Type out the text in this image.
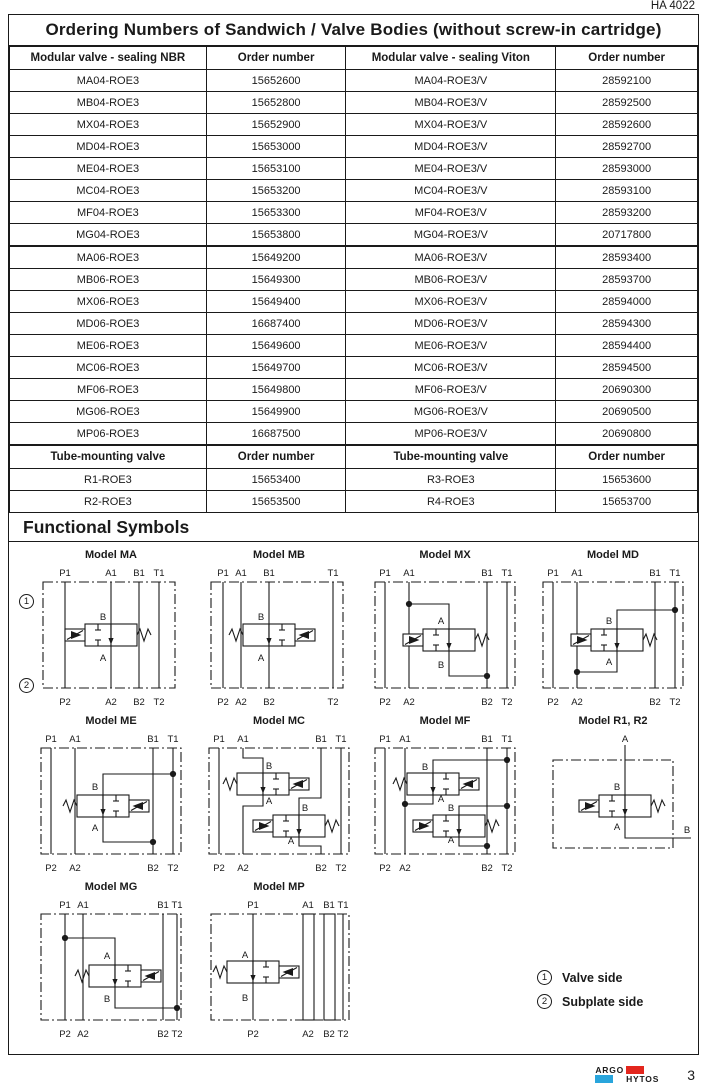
HA 4022
Ordering Numbers of Sandwich / Valve Bodies (without screw-in cartridge)
Modular valve - sealing NBR	Order number	Modular valve - sealing Viton	Order number
MA04-ROE3	15652600	MA04-ROE3/V	28592100
MB04-ROE3	15652800	MB04-ROE3/V	28592500
MX04-ROE3	15652900	MX04-ROE3/V	28592600
MD04-ROE3	15653000	MD04-ROE3/V	28592700
ME04-ROE3	15653100	ME04-ROE3/V	28593000
MC04-ROE3	15653200	MC04-ROE3/V	28593100
MF04-ROE3	15653300	MF04-ROE3/V	28593200
MG04-ROE3	15653800	MG04-ROE3/V	20717800
MA06-ROE3	15649200	MA06-ROE3/V	28593400
MB06-ROE3	15649300	MB06-ROE3/V	28593700
MX06-ROE3	15649400	MX06-ROE3/V	28594000
MD06-ROE3	16687400	MD06-ROE3/V	28594300
ME06-ROE3	15649600	ME06-ROE3/V	28594400
MC06-ROE3	15649700	MC06-ROE3/V	28594500
MF06-ROE3	15649800	MF06-ROE3/V	20690300
MG06-ROE3	15649900	MG06-ROE3/V	20690500
MP06-ROE3	16687500	MP06-ROE3/V	20690800
Tube-mounting valve	Order number	Tube-mounting valve	Order number
R1-ROE3	15653400	R3-ROE3	15653600
R2-ROE3	15653500	R4-ROE3	15653700
Functional Symbols
1	Valve side
2	Subplate side
Model MA
P1	A1 B1 T1
P2	A2 B2 T2
B
A
Model MB
P1 A1 B1	T1
P2 A2 B2	T2
B
A
Model MX
P1 A1	B1 T1
P2 A2	B2 T2
A
B
Model MD
P1 A1	B1 T1
P2 A2	B2 T2
B
A
Model ME
P1 A1	B1 T1
P2 A2	B2 T2
B
A
Model MC
P1 A1	B1 T1
P2 A2	B2 T2
B
A
B
A
Model MF
P1 A1	B1 T1
P2 A2	B2 T2
B
A
B
A
Model R1, R2
A
B
A	B
Model MG
P1 A1	B1 T1
P2 A2	B2 T2
A
B
Model MP
P1	A1 B1 T1
P2	A2 B2 T2
A
B
1
2
ARGO
HYTOS 3
